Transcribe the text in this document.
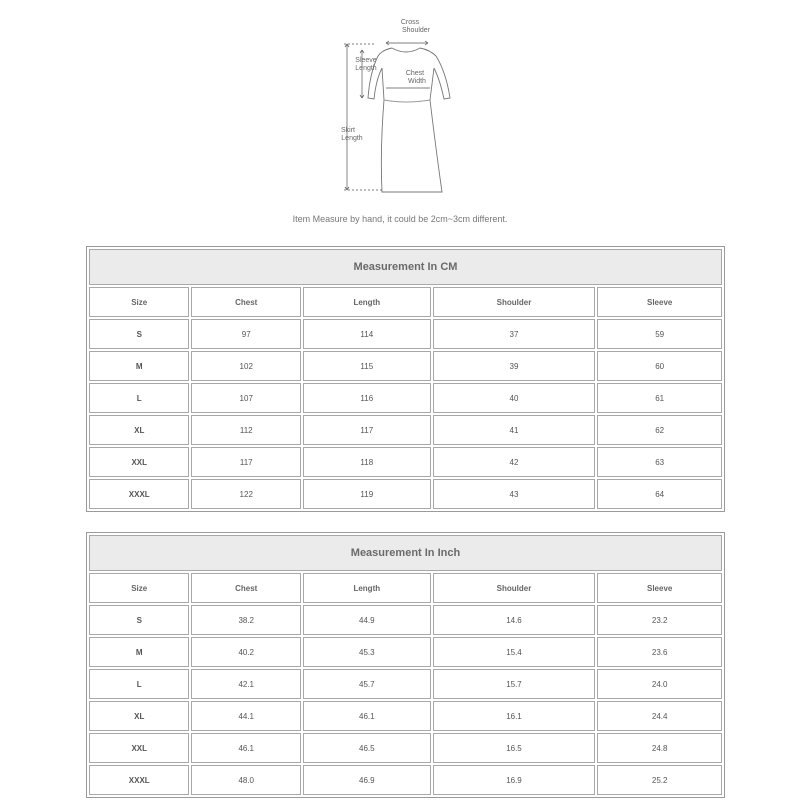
Cross
Shoulder
Sleeve
Length
Chest
Width
Skirt
Length
Item Measure by hand, it could be 2cm~3cm different.
Measurement In CM				
Size	Chest	Length	Shoulder	Sleeve
S	97	114	37	59
M	102	115	39	60
L	107	116	40	61
XL	112	117	41	62
XXL	117	118	42	63
XXXL	122	119	43	64
Measurement In Inch				
Size	Chest	Length	Shoulder	Sleeve
S	38.2	44.9	14.6	23.2
M	40.2	45.3	15.4	23.6
L	42.1	45.7	15.7	24.0
XL	44.1	46.1	16.1	24.4
XXL	46.1	46.5	16.5	24.8
XXXL	48.0	46.9	16.9	25.2
